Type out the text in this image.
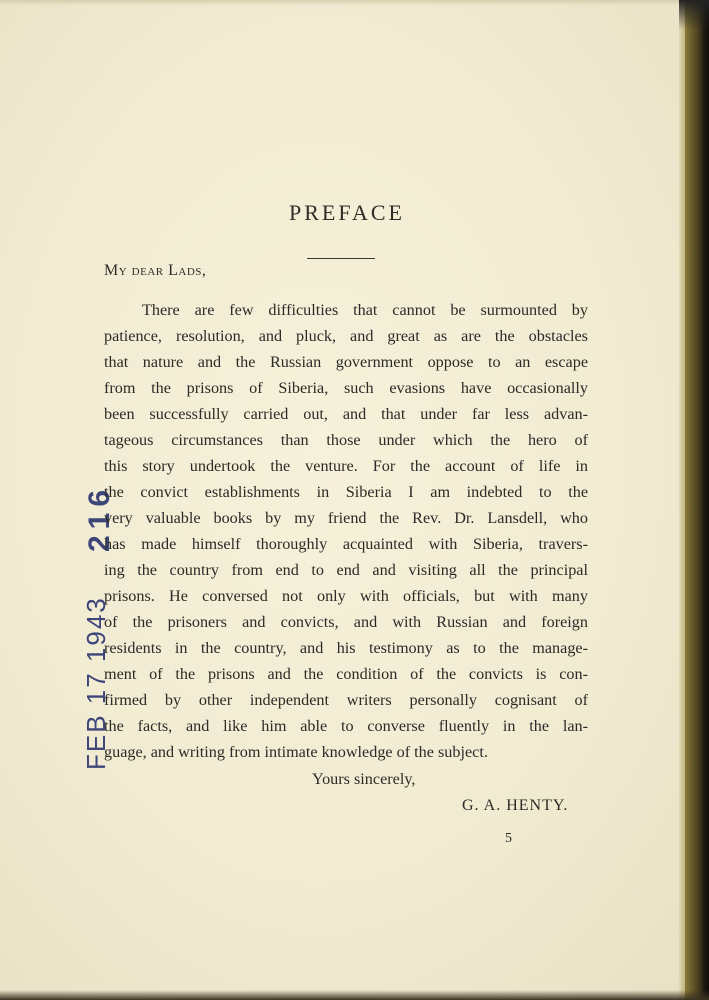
216
FEB 17 1943
PREFACE
My dear Lads,
There are few difficulties that cannot be surmounted by
patience, resolution, and pluck, and great as are the obstacles
that nature and the Russian government oppose to an escape
from the prisons of Siberia, such evasions have occasionally
been successfully carried out, and that under far less advan-
tageous circumstances than those under which the hero of
this story undertook the venture. For the account of life in
the convict establishments in Siberia I am indebted to the
very valuable books by my friend the Rev. Dr. Lansdell, who
has made himself thoroughly acquainted with Siberia, travers-
ing the country from end to end and visiting all the principal
prisons. He conversed not only with officials, but with many
of the prisoners and convicts, and with Russian and foreign
residents in the country, and his testimony as to the manage-
ment of the prisons and the condition of the convicts is con-
firmed by other independent writers personally cognisant of
the facts, and like him able to converse fluently in the lan-
guage, and writing from intimate knowledge of the subject.
Yours sincerely,
G. A. HENTY.
5
